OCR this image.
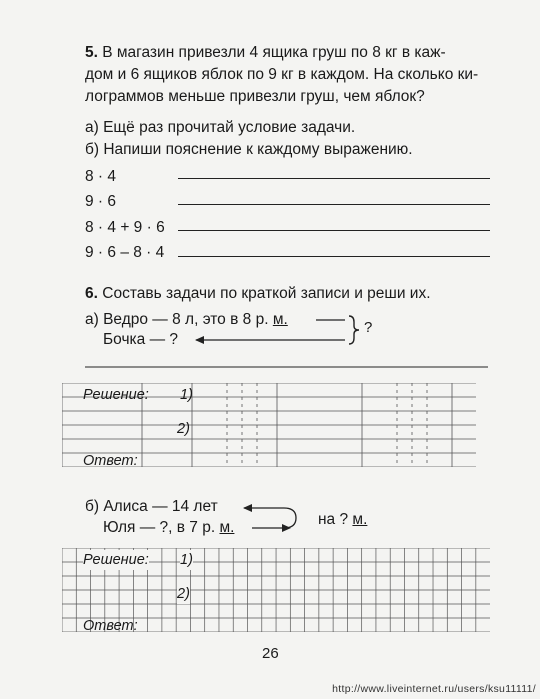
5. В магазин привезли 4 ящика груш по 8 кг в каж-
дом и 6 ящиков яблок по 9 кг в каждом. На сколько ки-
лограммов меньше привезли груш, чем яблок?
а) Ещё раз прочитай условие задачи.
б) Напиши пояснение к каждому выражению.
8 · 4
9 · 6
8 · 4 + 9 · 6
9 · 6 – 8 · 4
6. Составь задачи по краткой записи и реши их.
а) Ведро — 8 л, это в 8 р. м.
Бочка — ?
?
Решение: 1)
2)
Ответ:
б) Алиса — 14 лет
Юля — ?, в 7 р. м.	на ? м.
Решение: 1)
2)
Ответ:
26
http://www.liveinternet.ru/users/ksu11111/
